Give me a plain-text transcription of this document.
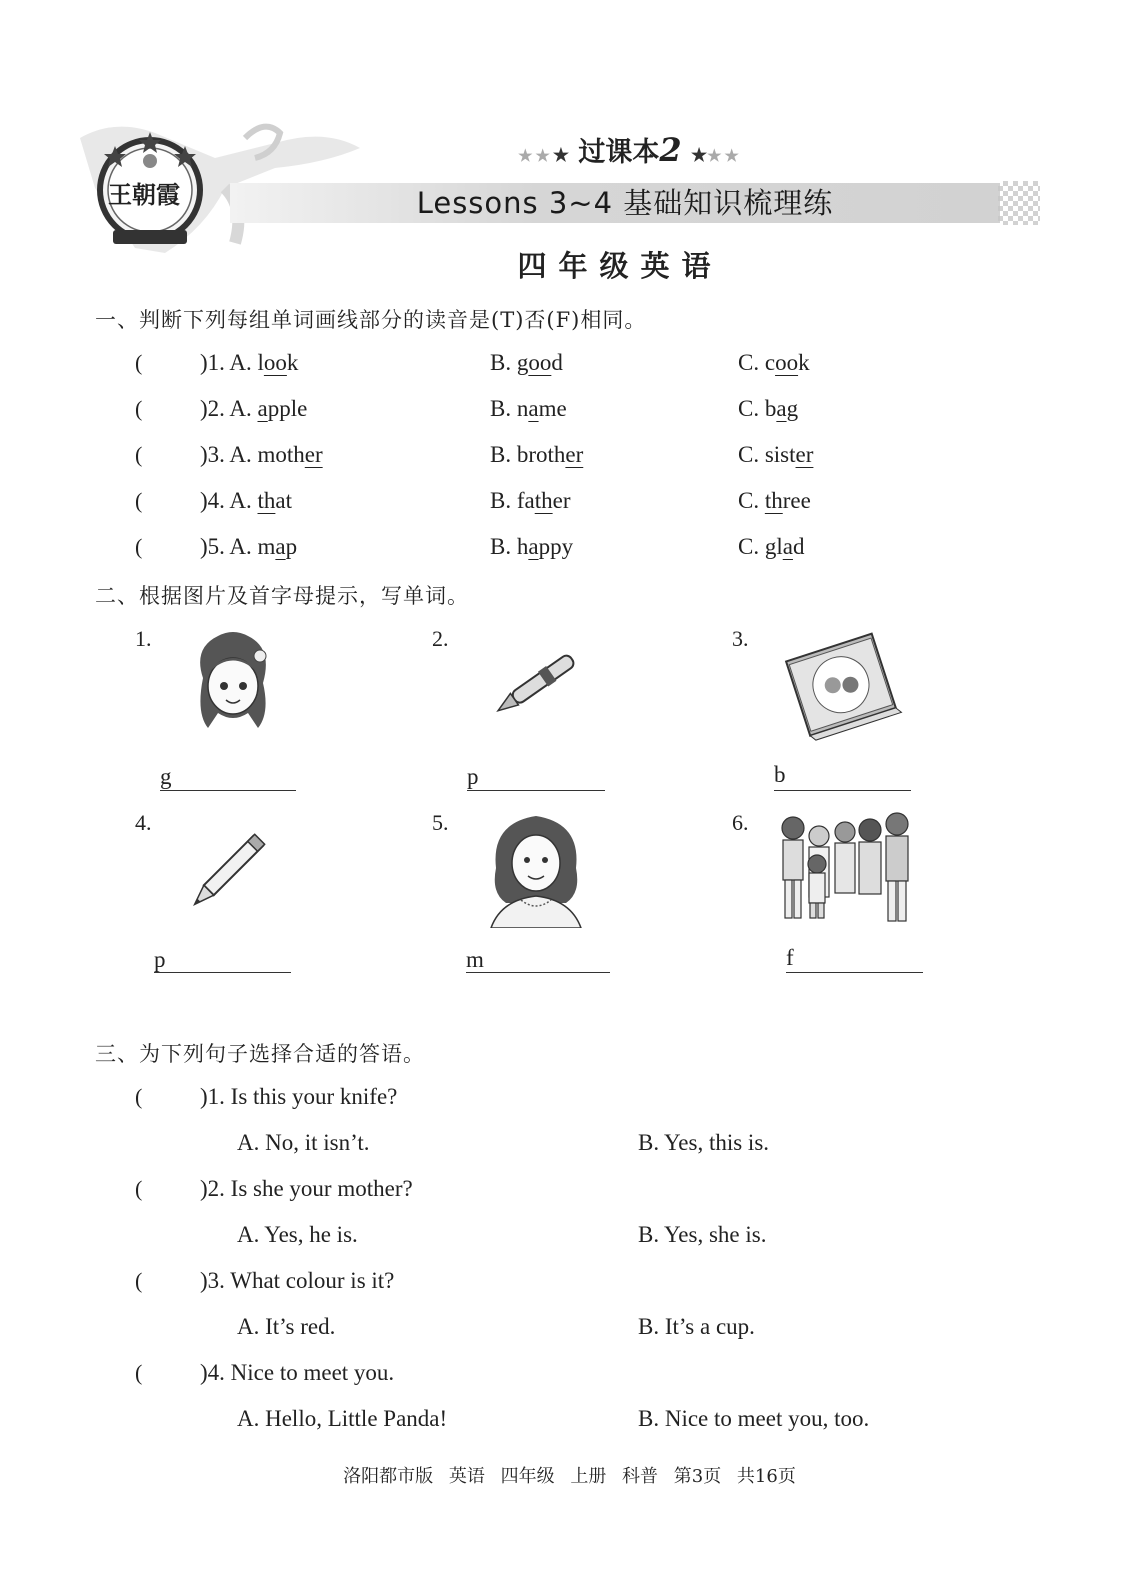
王朝霞
★★★ 过课本2 ★★★
Lessons 3~4 基础知识梳理练
四年级英语
一、判断下列每组单词画线部分的读音是(T)否(F)相同。
(	)1. A. look	B. good	C. cook
(	)2. A. apple	B. name	C. bag
(	)3. A. mother	B. brother	C. sister
(	)4. A. that	B. father	C. three
(	)5. A. map	B. happy	C. glad
二、根据图片及首字母提示，写单词。
1.	2.	3.
4.	5.	6.
g	p	b
p	m	f
三、为下列句子选择合适的答语。
(	)1. Is this your knife?
A. No, it isn’t.	B. Yes, this is.
(	)2. Is she your mother?
A. Yes, he is.	B. Yes, she is.
(	)3. What colour is it?
A. It’s red.	B. It’s a cup.
(	)4. Nice to meet you.
A. Hello, Little Panda!	B. Nice to meet you, too.
洛阳都市版 英语 四年级 上册 科普 第3页 共16页
